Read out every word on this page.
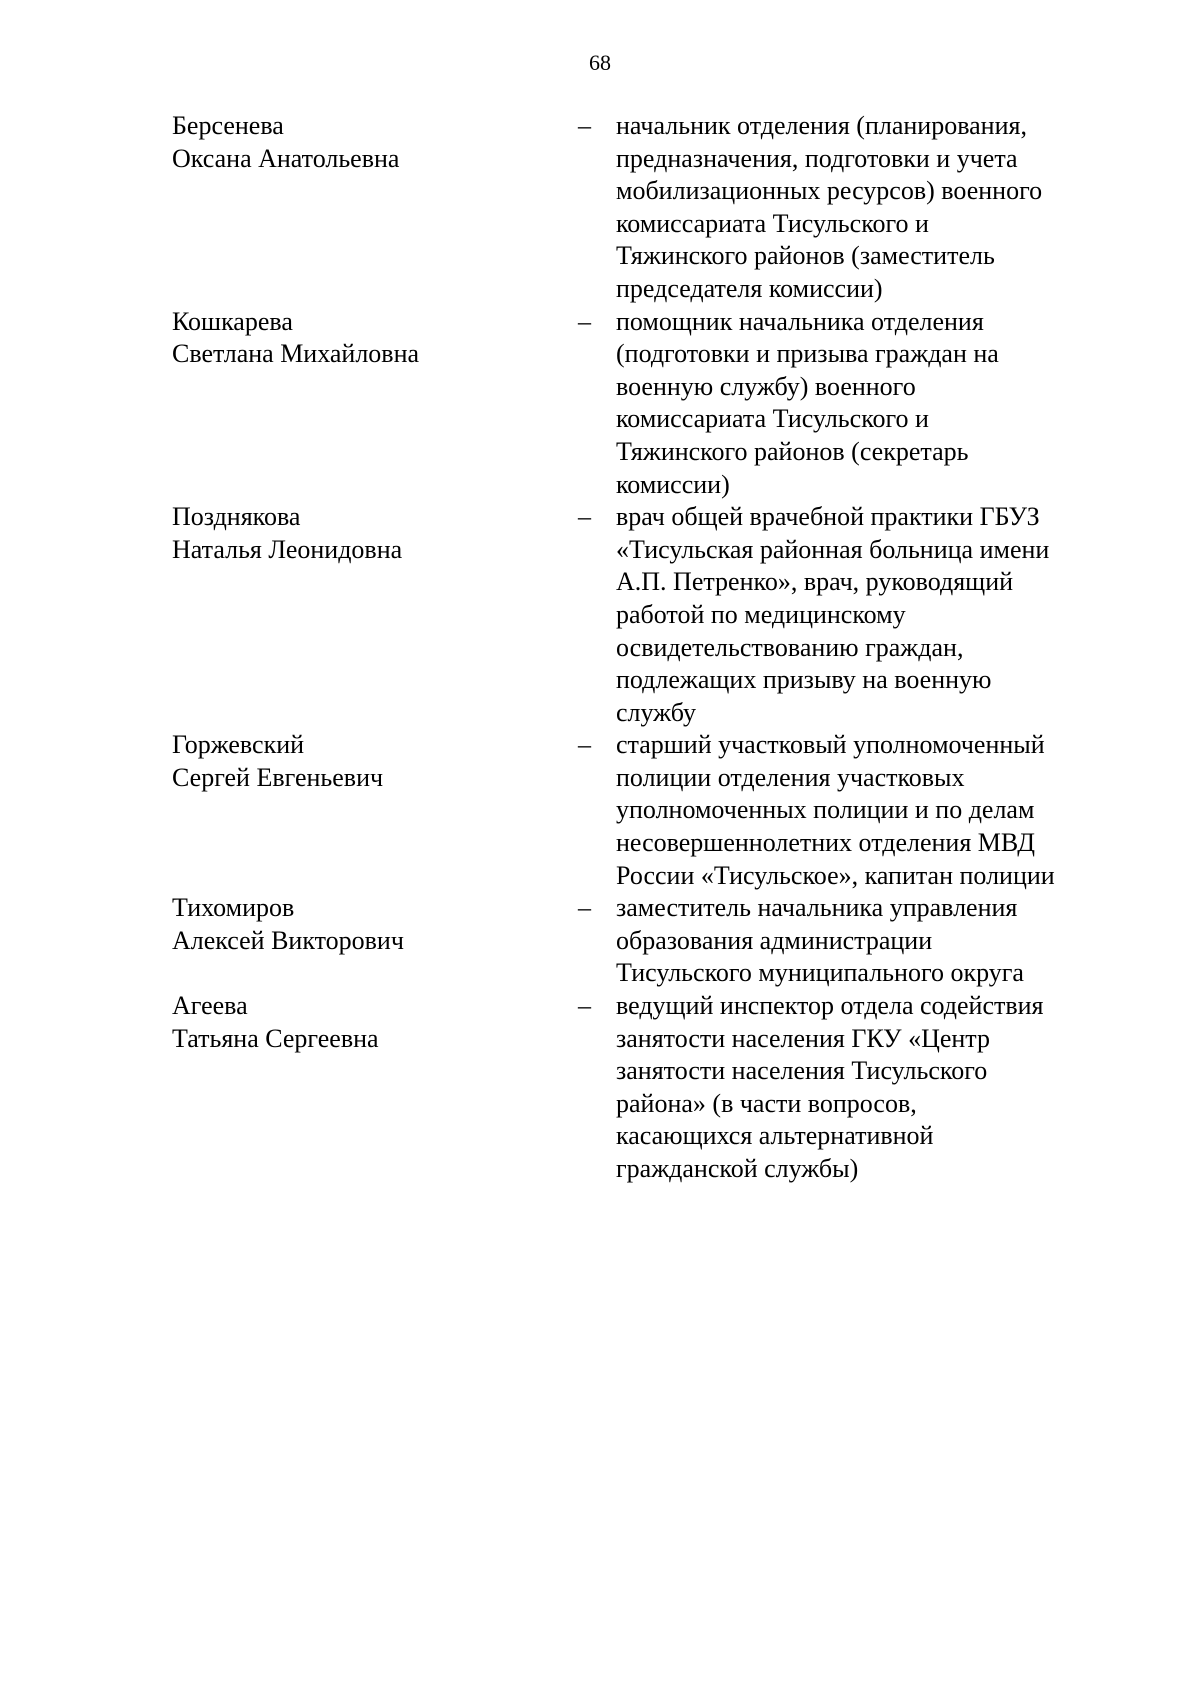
68
Берсенева
Оксана Анатольевна
– начальник отделения (планирования,
предназначения, подготовки и учета
мобилизационных ресурсов) военного
комиссариата Тисульского и
Тяжинского районов (заместитель
председателя комиссии)
Кошкарева
Светлана Михайловна
– помощник начальника отделения
(подготовки и призыва граждан на
военную службу) военного
комиссариата Тисульского и
Тяжинского районов (секретарь
комиссии)
Позднякова
Наталья Леонидовна
– врач общей врачебной практики ГБУЗ
«Тисульская районная больница имени
А.П. Петренко», врач, руководящий
работой по медицинскому
освидетельствованию граждан,
подлежащих призыву на военную
службу
Горжевский
Сергей Евгеньевич
– старший участковый уполномоченный
полиции отделения участковых
уполномоченных полиции и по делам
несовершеннолетних отделения МВД
России «Тисульское», капитан полиции
Тихомиров
Алексей Викторович
– заместитель начальника управления
образования администрации
Тисульского муниципального округа
Агеева
Татьяна Сергеевна
– ведущий инспектор отдела содействия
занятости населения ГКУ «Центр
занятости населения Тисульского
района» (в части вопросов,
касающихся альтернативной
гражданской службы)
